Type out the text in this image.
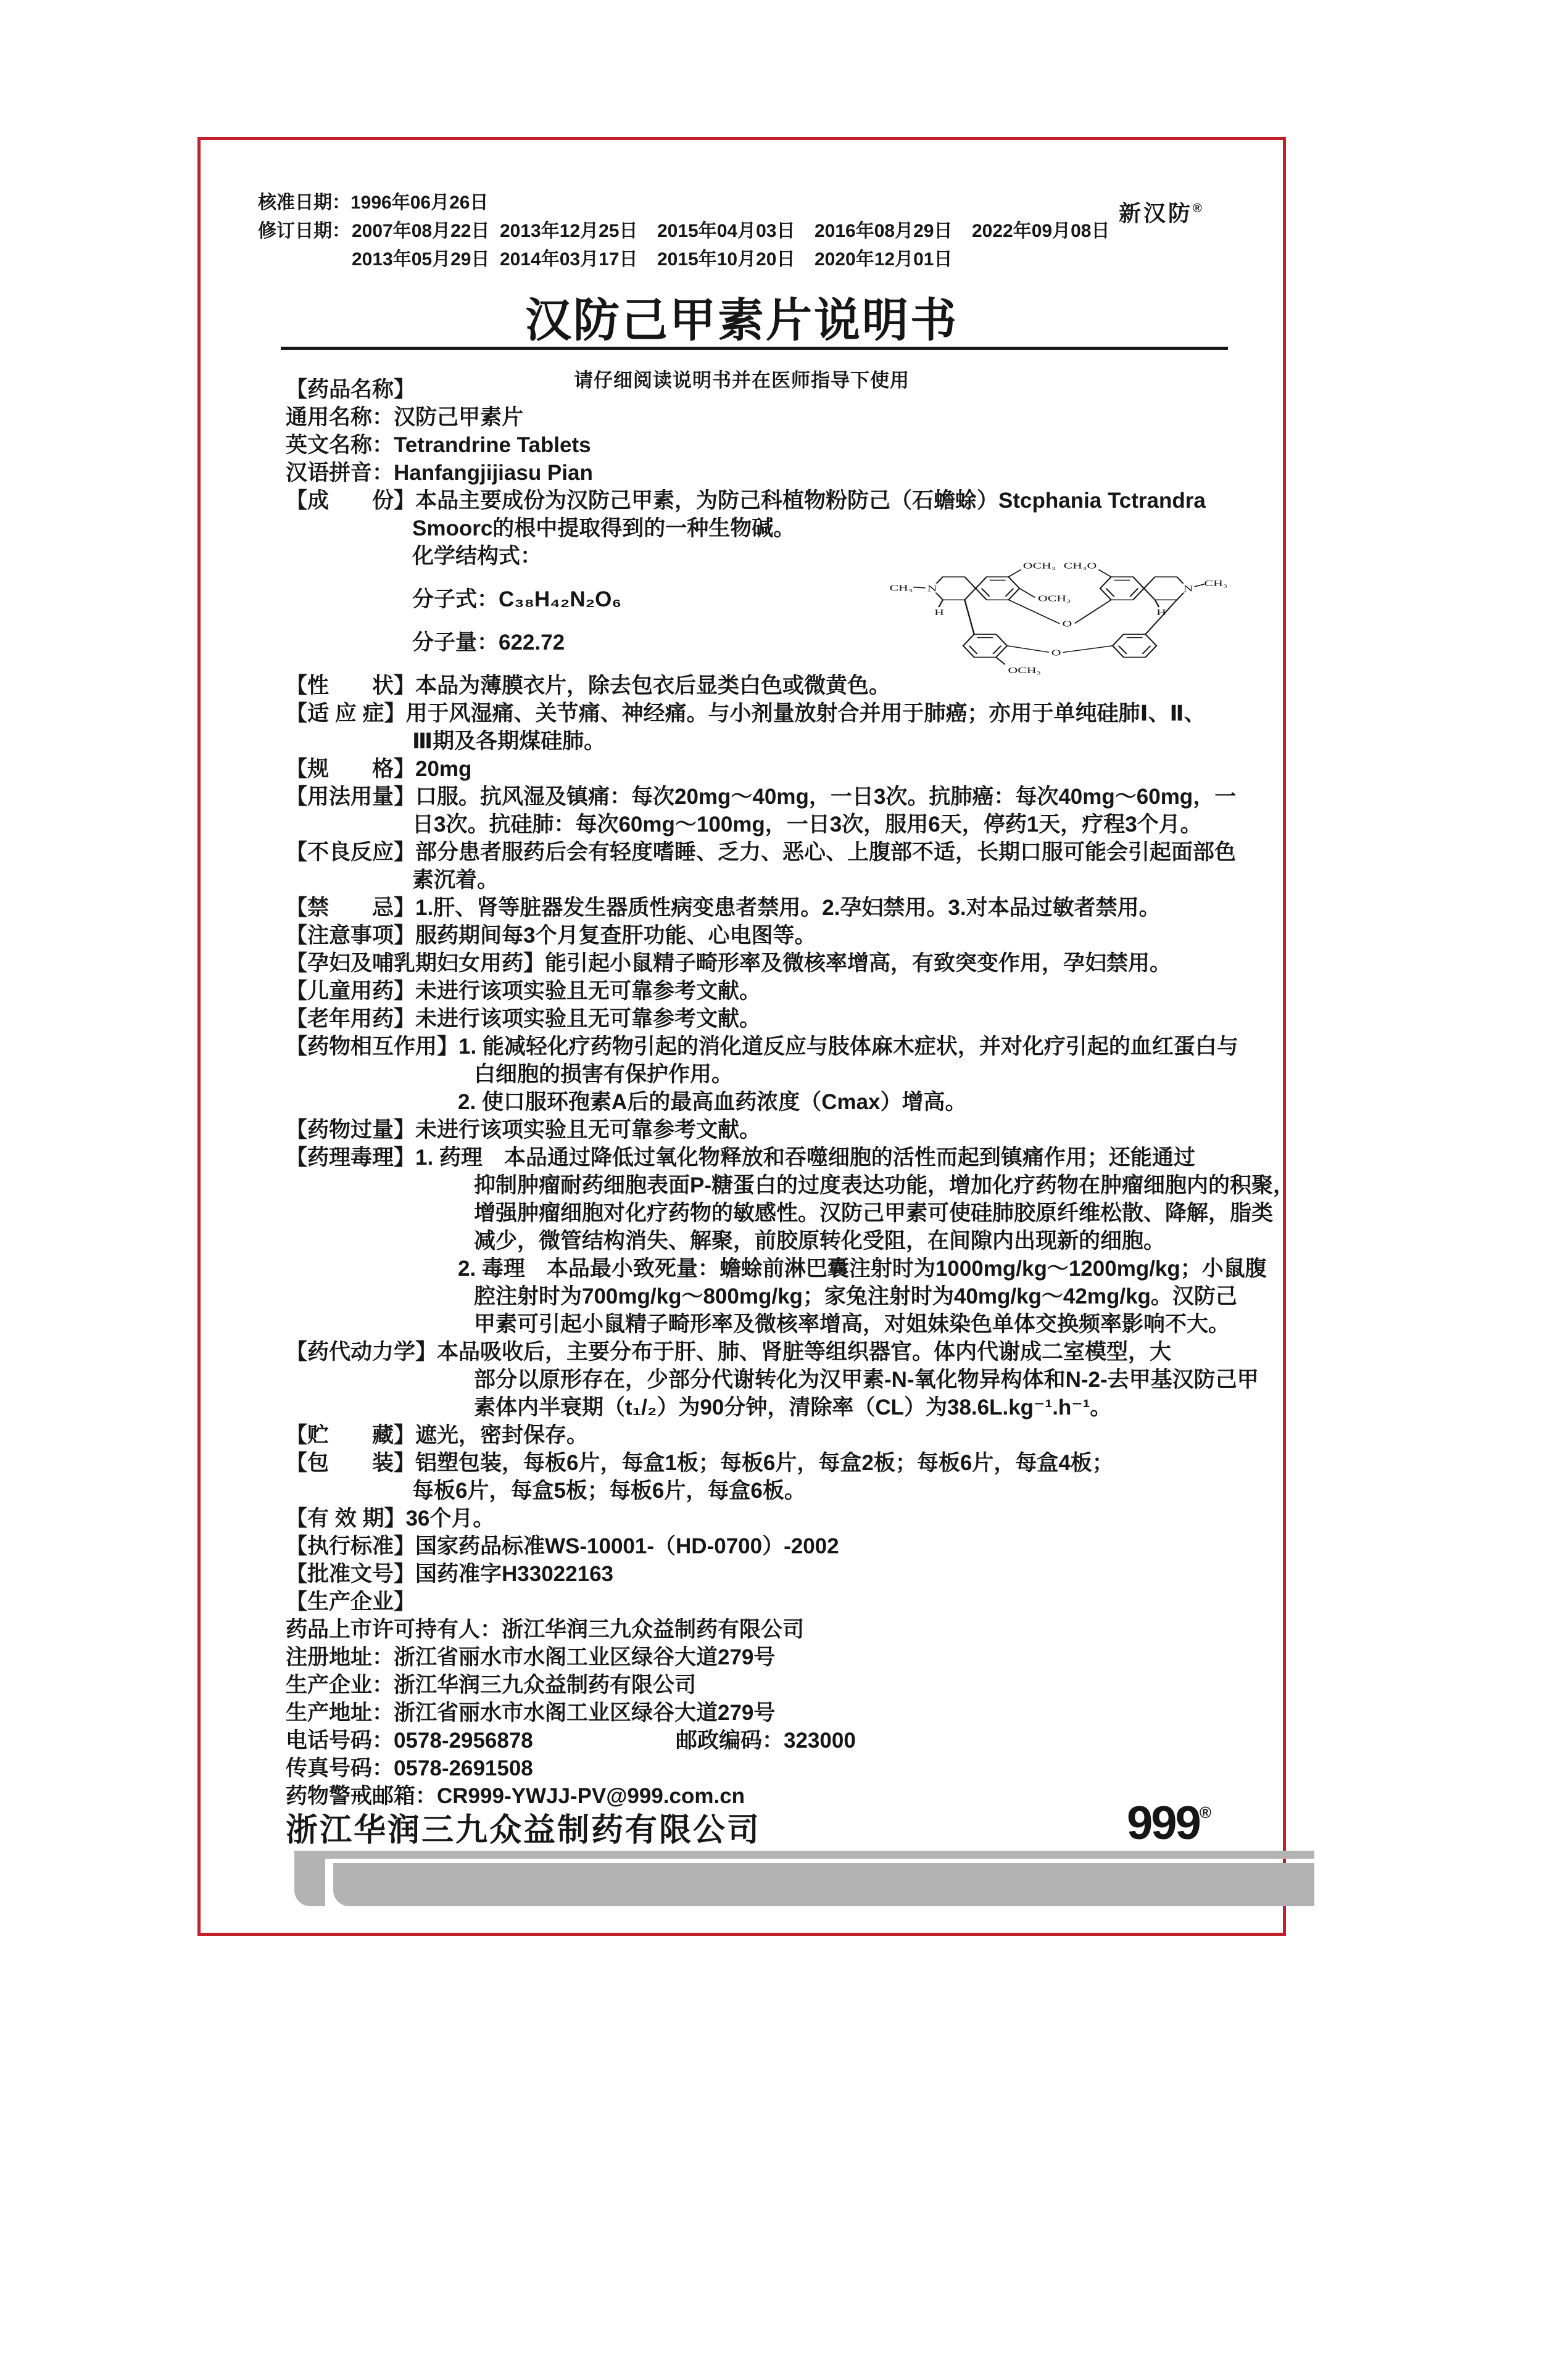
核准日期：1996年06月26日
修订日期： 2007年08月22日 2013年12月25日 2015年04月03日 2016年08月29日 2022年09月08日
2013年05月29日 2014年03月17日 2015年10月20日 2020年12月01日
新汉防®
汉防己甲素片说明书
请仔细阅读说明书并在医师指导下使用
【药品名称】
通用名称：汉防己甲素片
英文名称：Tetrandrine Tablets
汉语拼音：Hanfangjijiasu Pian
【成　　份】本品主要成份为汉防己甲素，为防己科植物粉防己（石蟾蜍）Stcphania Tctrandra
Smoorc的根中提取得到的一种生物碱。
化学结构式：
分子式：C₃₈H₄₂N₂O₆
分子量：622.72
【性　　状】本品为薄膜衣片，除去包衣后显类白色或微黄色。
【适 应 症】用于风湿痛、关节痛、神经痛。与小剂量放射合并用于肺癌；亦用于单纯硅肺Ⅰ、Ⅱ、
Ⅲ期及各期煤硅肺。
【规　　格】20mg
【用法用量】口服。抗风湿及镇痛：每次20mg～40mg，一日3次。抗肺癌：每次40mg～60mg，一
日3次。抗硅肺：每次60mg～100mg，一日3次，服用6天，停药1天，疗程3个月。
【不良反应】部分患者服药后会有轻度嗜睡、乏力、恶心、上腹部不适，长期口服可能会引起面部色
素沉着。
【禁　　忌】1.肝、肾等脏器发生器质性病变患者禁用。2.孕妇禁用。3.对本品过敏者禁用。
【注意事项】服药期间每3个月复查肝功能、心电图等。
【孕妇及哺乳期妇女用药】能引起小鼠精子畸形率及微核率增高，有致突变作用，孕妇禁用。
【儿童用药】未进行该项实验且无可靠参考文献。
【老年用药】未进行该项实验且无可靠参考文献。
【药物相互作用】1. 能减轻化疗药物引起的消化道反应与肢体麻木症状，并对化疗引起的血红蛋白与
白细胞的损害有保护作用。
2. 使口服环孢素A后的最高血药浓度（Cmax）增高。
【药物过量】未进行该项实验且无可靠参考文献。
【药理毒理】1. 药理　本品通过降低过氧化物释放和吞噬细胞的活性而起到镇痛作用；还能通过
抑制肿瘤耐药细胞表面P-糖蛋白的过度表达功能，增加化疗药物在肿瘤细胞内的积聚，
增强肿瘤细胞对化疗药物的敏感性。汉防己甲素可使硅肺胶原纤维松散、降解，脂类
减少，微管结构消失、解聚，前胶原转化受阻，在间隙内出现新的细胞。
2. 毒理　本品最小致死量：蟾蜍前淋巴囊注射时为1000mg/kg～1200mg/kg；小鼠腹
腔注射时为700mg/kg～800mg/kg；家兔注射时为40mg/kg～42mg/kg。汉防己
甲素可引起小鼠精子畸形率及微核率增高，对姐妹染色单体交换频率影响不大。
【药代动力学】本品吸收后，主要分布于肝、肺、肾脏等组织器官。体内代谢成二室模型，大
部分以原形存在，少部分代谢转化为汉甲素-N-氧化物异构体和N-2-去甲基汉防己甲
素体内半衰期（t₁/₂）为90分钟，清除率（CL）为38.6L.kg⁻¹.h⁻¹。
【贮　　藏】遮光，密封保存。
【包　　装】铝塑包装，每板6片，每盒1板；每板6片，每盒2板；每板6片，每盒4板；
每板6片，每盒5板；每板6片，每盒6板。
【有 效 期】36个月。
【执行标准】国家药品标准WS-10001-（HD-0700）-2002
【批准文号】国药准字H33022163
【生产企业】
药品上市许可持有人：浙江华润三九众益制药有限公司
注册地址：浙江省丽水市水阁工业区绿谷大道279号
生产企业：浙江华润三九众益制药有限公司
生产地址：浙江省丽水市水阁工业区绿谷大道279号
电话号码：0578-2956878	邮政编码：323000
传真号码：0578-2691508
药物警戒邮箱：CR999-YWJJ-PV@999.com.cn
CH₃ N
H
OCH₃ CH₃O
OCH₃
O
N
CH₃
H
O
OCH₃
浙江华润三九众益制药有限公司	999®
